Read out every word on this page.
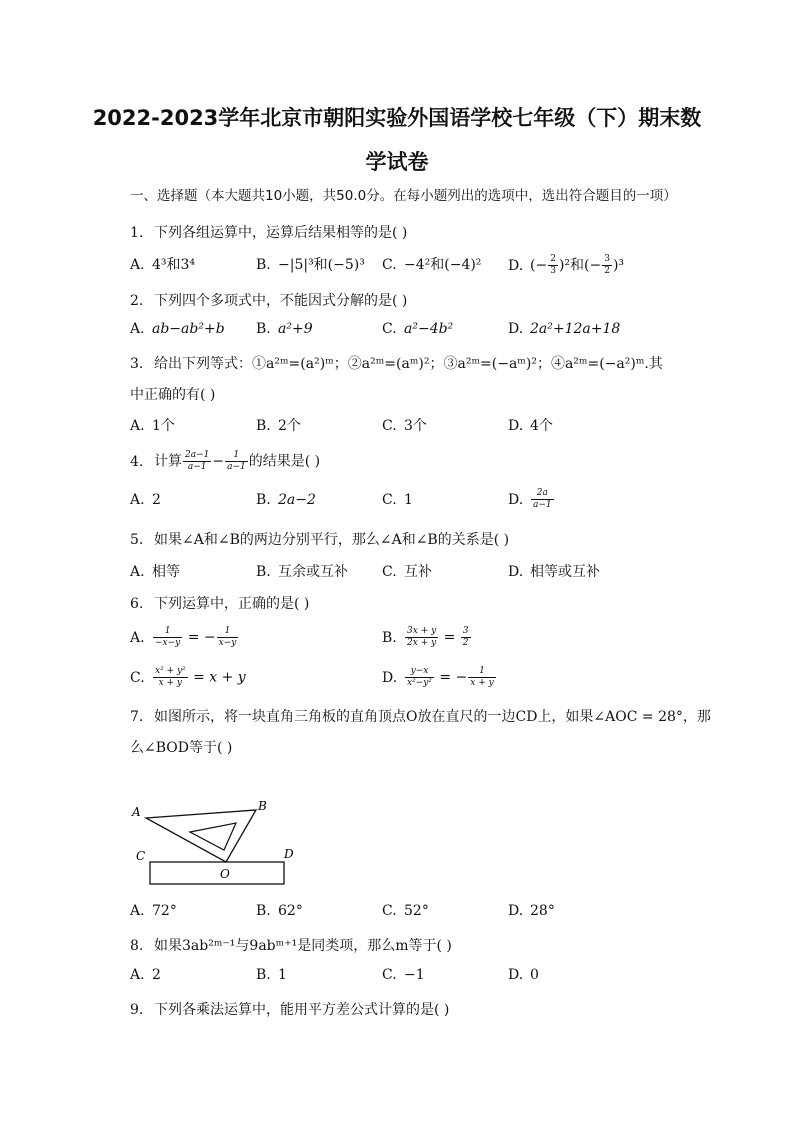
2022-2023学年北京市朝阳实验外国语学校七年级（下）期末数
学试卷
一、选择题（本大题共10小题，共50.0分。在每小题列出的选项中，选出符合题目的一项）
1. 下列各组运算中，运算后结果相等的是( )
A. 4³和3⁴	B. −|5|³和(−5)³ C. −4²和(−4)² D. (− $\frac{2}{3} )^2$和(− $\frac{3}{2} )^3$
2. 下列四个多项式中，不能因式分解的是( )
A. ab−ab²+b B. a²+9	C. a²−4b²	D. 2a²+12a+18
3. 给出下列等式：①a²ᵐ=(a²)ᵐ；②a²ᵐ=(aᵐ)²；③a²ᵐ=(−aᵐ)²；④a²ᵐ=(−a²)ᵐ.其
中正确的有( )
A. 1个	B. 2个	C. 3个	D. 4个
4. 计算 $\frac{2a-1}{a-1} - \frac{1}{a-1}$ 的结果是( )
A. 2	B. 2a−2	C. 1	D. $\frac{2a}{a-1}$
5. 如果∠A和∠B的两边分别平行，那么∠A和∠B的关系是( )
A. 相等	B. 互余或互补 C. 互补	D. 相等或互补
6. 下列运算中，正确的是( )
A. $\frac{1}{-x-y}$ = − $\frac{1}{x-y}$	B. $\frac{3x + y}{2x + y} = \frac{3}{2}$
C. $\frac{\text{x² + y²}}{x + y} = x + y$	D. $\frac{y-x}{\text{x²−y²}}$ = − $\frac{1}{x + y}$
7. 如图所示，将一块直角三角板的直角顶点O放在直尺的一边CD上，如果∠AOC = 28°，那
么∠BOD等于( )
A	B
C	D
O
A. 72°	B. 62°	C. 52°	D. 28°
8. 如果3ab²ᵐ⁻¹与9abᵐ⁺¹是同类项，那么m等于( )
A. 2	B. 1	C. −1	D. 0
9. 下列各乘法运算中，能用平方差公式计算的是( )
